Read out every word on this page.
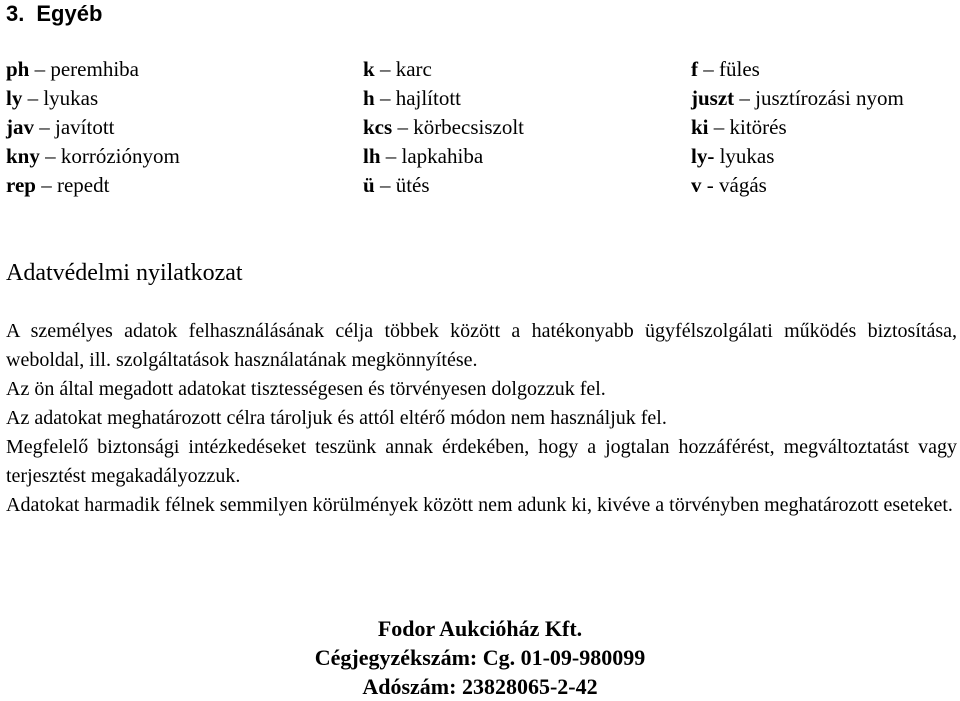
3. Egyéb
ph – peremhiba
ly – lyukas
jav – javított
kny – korróziónyom
rep – repedt
k – karc
h – hajlított
kcs – körbecsiszolt
lh – lapkahiba
ü – ütés
f – füles
juszt – jusztírozási nyom
ki – kitörés
ly- lyukas
v - vágás
Adatvédelmi nyilatkozat

A személyes adatok felhasználásának célja többek között a hatékonyabb ügyfélszolgálati működés biztosítása, weboldal, ill. szolgáltatások használatának megkönnyítése.

Az ön által megadott adatokat tisztességesen és törvényesen dolgozzuk fel.

Az adatokat meghatározott célra tároljuk és attól eltérő módon nem használjuk fel.

Megfelelő biztonsági intézkedéseket teszünk annak érdekében, hogy a jogtalan hozzáférést, megváltoztatást vagy terjesztést megakadályozzuk.

Adatokat harmadik félnek semmilyen körülmények között nem adunk ki, kivéve a törvényben meghatározott eseteket.

Fodor Aukcióház Kft.
Cégjegyzékszám: Cg. 01-09-980099
Adószám: 23828065-2-42
